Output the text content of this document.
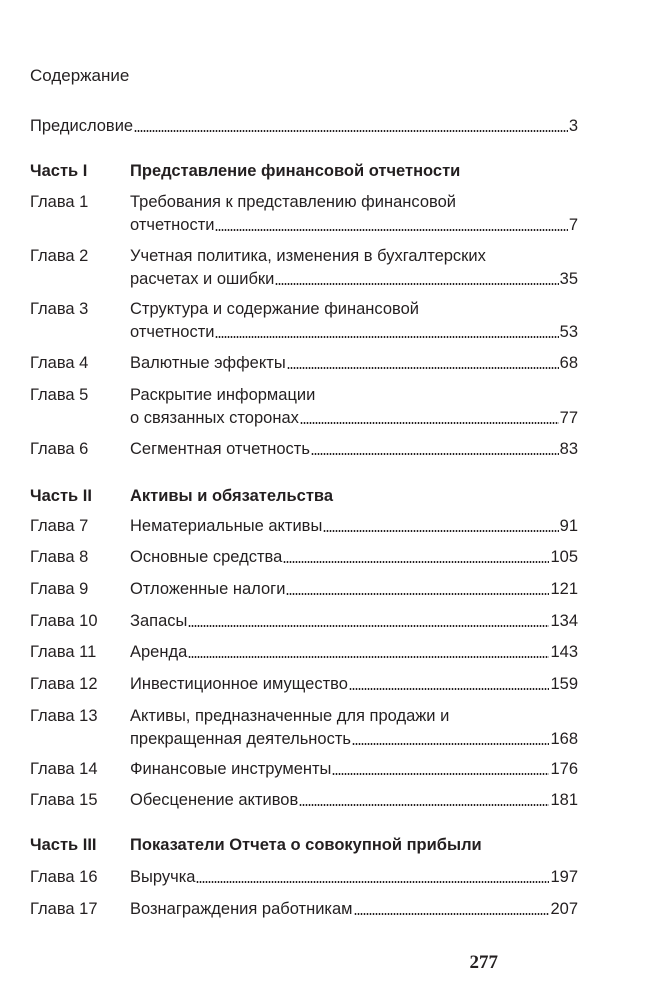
Содержание
Предисловие	3
Часть I	Представление финансовой отчетности
Глава 1	Требования к представлению финансовой
отчетности	7
Глава 2	Учетная политика, изменения в бухгалтерских
расчетах и ошибки	35
Глава 3	Структура и содержание финансовой
отчетности	53
Глава 4	Валютные эффекты	68
Глава 5	Раскрытие информации
о связанных сторонах	77
Глава 6	Сегментная отчетность	83
Часть II Активы и обязательства
Глава 7	Нематериальные активы	91
Глава 8	Основные средства	105
Глава 9	Отложенные налоги	121
Глава 10 Запасы	134
Глава 11 Аренда	143
Глава 12 Инвестиционное имущество	159
Глава 13 Активы, предназначенные для продажи и
прекращенная деятельность	168
Глава 14 Финансовые инструменты	176
Глава 15 Обесценение активов	181
Часть III Показатели Отчета о совокупной прибыли
Глава 16 Выручка	197
Глава 17 Вознаграждения работникам	207
277
